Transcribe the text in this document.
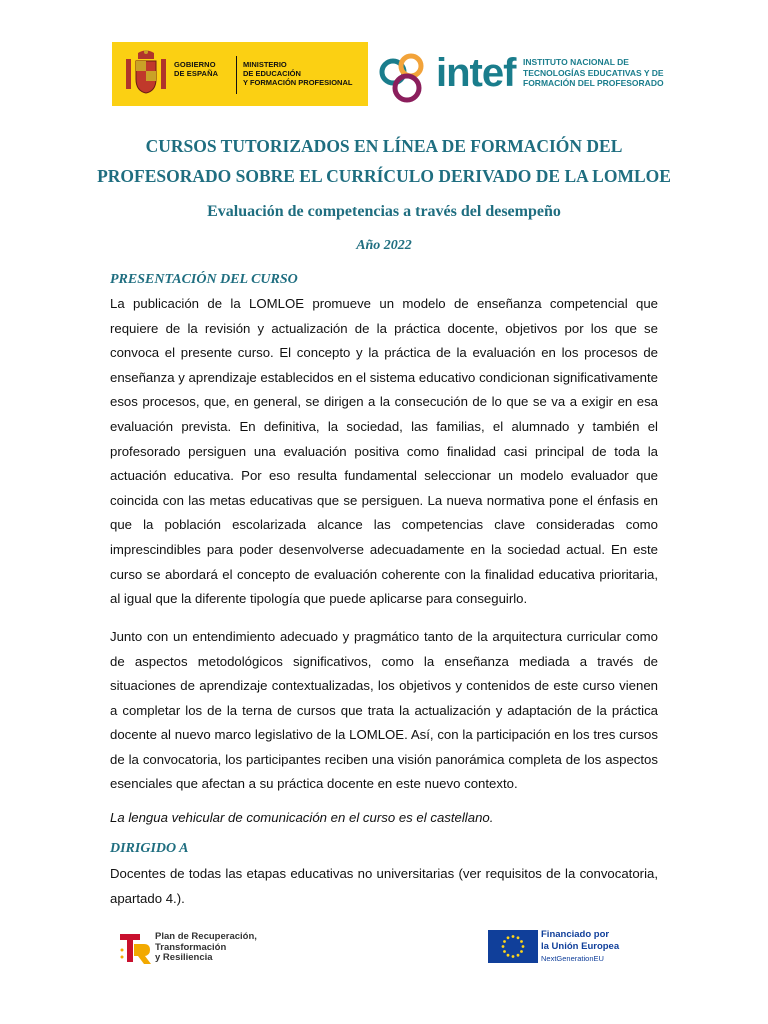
GOBIERNO
DE ESPAÑA
MINISTERIO
DE EDUCACIÓN
Y FORMACIÓN PROFESIONAL intef INSTITUTO NACIONAL DE
TECNOLOGÍAS EDUCATIVAS Y DE
FORMACIÓN DEL PROFESORADO
CURSOS TUTORIZADOS EN LÍNEA DE FORMACIÓN DEL
PROFESORADO SOBRE EL CURRÍCULO DERIVADO DE LA LOMLOE
Evaluación de competencias a través del desempeño
Año 2022
PRESENTACIÓN DEL CURSO
La publicación de la LOMLOE promueve un modelo de enseñanza competencial que requiere de la revisión y actualización de la práctica docente, objetivos por los que se convoca el presente curso. El concepto y la práctica de la evaluación en los procesos de enseñanza y aprendizaje establecidos en el sistema educativo condicionan significativamente esos procesos, que, en general, se dirigen a la consecución de lo que se va a exigir en esa evaluación prevista. En definitiva, la sociedad, las familias, el alumnado y también el profesorado persiguen una evaluación positiva como finalidad casi principal de toda la actuación educativa. Por eso resulta fundamental seleccionar un modelo evaluador que coincida con las metas educativas que se persiguen. La nueva normativa pone el énfasis en que la población escolarizada alcance las competencias clave consideradas como imprescindibles para poder desenvolverse adecuadamente en la sociedad actual. En este curso se abordará el concepto de evaluación coherente con la finalidad educativa prioritaria, al igual que la diferente tipología que puede aplicarse para conseguirlo.
Junto con un entendimiento adecuado y pragmático tanto de la arquitectura curricular como de aspectos metodológicos significativos, como la enseñanza mediada a través de situaciones de aprendizaje contextualizadas, los objetivos y contenidos de este curso vienen a completar los de la terna de cursos que trata la actualización y adaptación de la práctica docente al nuevo marco legislativo de la LOMLOE. Así, con la participación en los tres cursos de la convocatoria, los participantes reciben una visión panorámica completa de los aspectos esenciales que afectan a su práctica docente en este nuevo contexto.
La lengua vehicular de comunicación en el curso es el castellano.
DIRIGIDO A
Docentes de todas las etapas educativas no universitarias (ver requisitos de la convocatoria, apartado 4.).
Plan de Recuperación,
Transformación
y Resiliencia
Financiado por
la Unión Europea
NextGenerationEU
